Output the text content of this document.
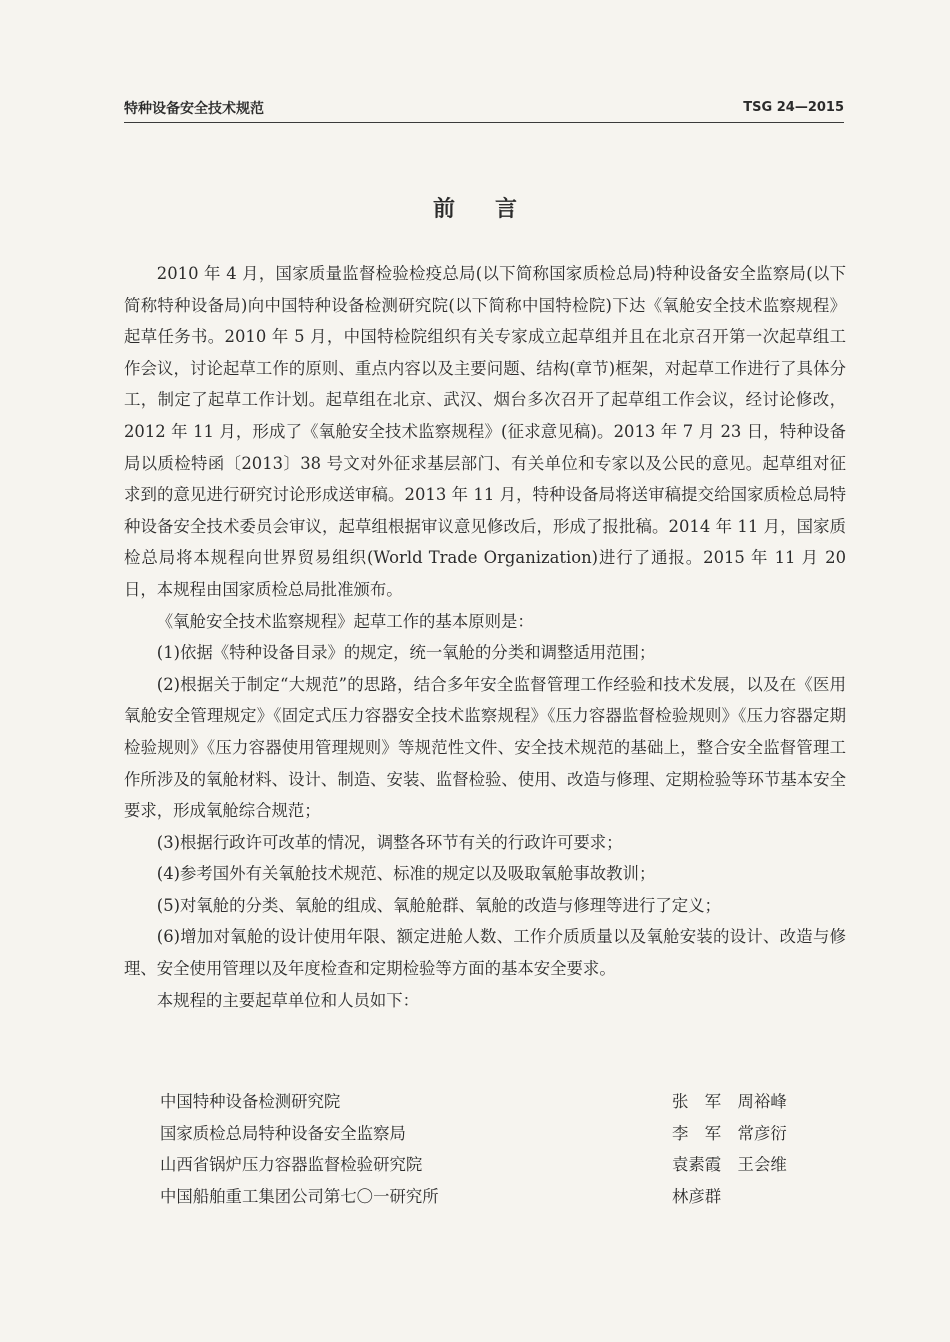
特种设备安全技术规范	TSG 24—2015
前言

2010 年 4 月，国家质量监督检验检疫总局(以下简称国家质检总局)特种设备安全监察局(以下简称特种设备局)向中国特种设备检测研究院(以下简称中国特检院)下达《氧舱安全技术监察规程》起草任务书。2010 年 5 月，中国特检院组织有关专家成立起草组并且在北京召开第一次起草组工作会议，讨论起草工作的原则、重点内容以及主要问题、结构(章节)框架，对起草工作进行了具体分工，制定了起草工作计划。起草组在北京、武汉、烟台多次召开了起草组工作会议，经讨论修改，2012 年 11 月，形成了《氧舱安全技术监察规程》(征求意见稿)。2013 年 7 月 23 日，特种设备局以质检特函〔2013〕38 号文对外征求基层部门、有关单位和专家以及公民的意见。起草组对征求到的意见进行研究讨论形成送审稿。2013 年 11 月，特种设备局将送审稿提交给国家质检总局特种设备安全技术委员会审议，起草组根据审议意见修改后，形成了报批稿。2014 年 11 月，国家质检总局将本规程向世界贸易组织(World Trade Organization)进行了通报。2015 年 11 月 20 日，本规程由国家质检总局批准颁布。

《氧舱安全技术监察规程》起草工作的基本原则是：

(1)依据《特种设备目录》的规定，统一氧舱的分类和调整适用范围；

(2)根据关于制定“大规范”的思路，结合多年安全监督管理工作经验和技术发展，以及在《医用氧舱安全管理规定》《固定式压力容器安全技术监察规程》《压力容器监督检验规则》《压力容器定期检验规则》《压力容器使用管理规则》等规范性文件、安全技术规范的基础上，整合安全监督管理工作所涉及的氧舱材料、设计、制造、安装、监督检验、使用、改造与修理、定期检验等环节基本安全要求，形成氧舱综合规范；

(3)根据行政许可改革的情况，调整各环节有关的行政许可要求；

(4)参考国外有关氧舱技术规范、标准的规定以及吸取氧舱事故教训；

(5)对氧舱的分类、氧舱的组成、氧舱舱群、氧舱的改造与修理等进行了定义；

(6)增加对氧舱的设计使用年限、额定进舱人数、工作介质质量以及氧舱安装的设计、改造与修理、安全使用管理以及年度检查和定期检验等方面的基本安全要求。

本规程的主要起草单位和人员如下：

中国特种设备检测研究院	张　军　周裕峰
国家质检总局特种设备安全监察局	李　军　常彦衍
山西省锅炉压力容器监督检验研究院	袁素霞　王会维
中国船舶重工集团公司第七〇一研究所	林彦群
